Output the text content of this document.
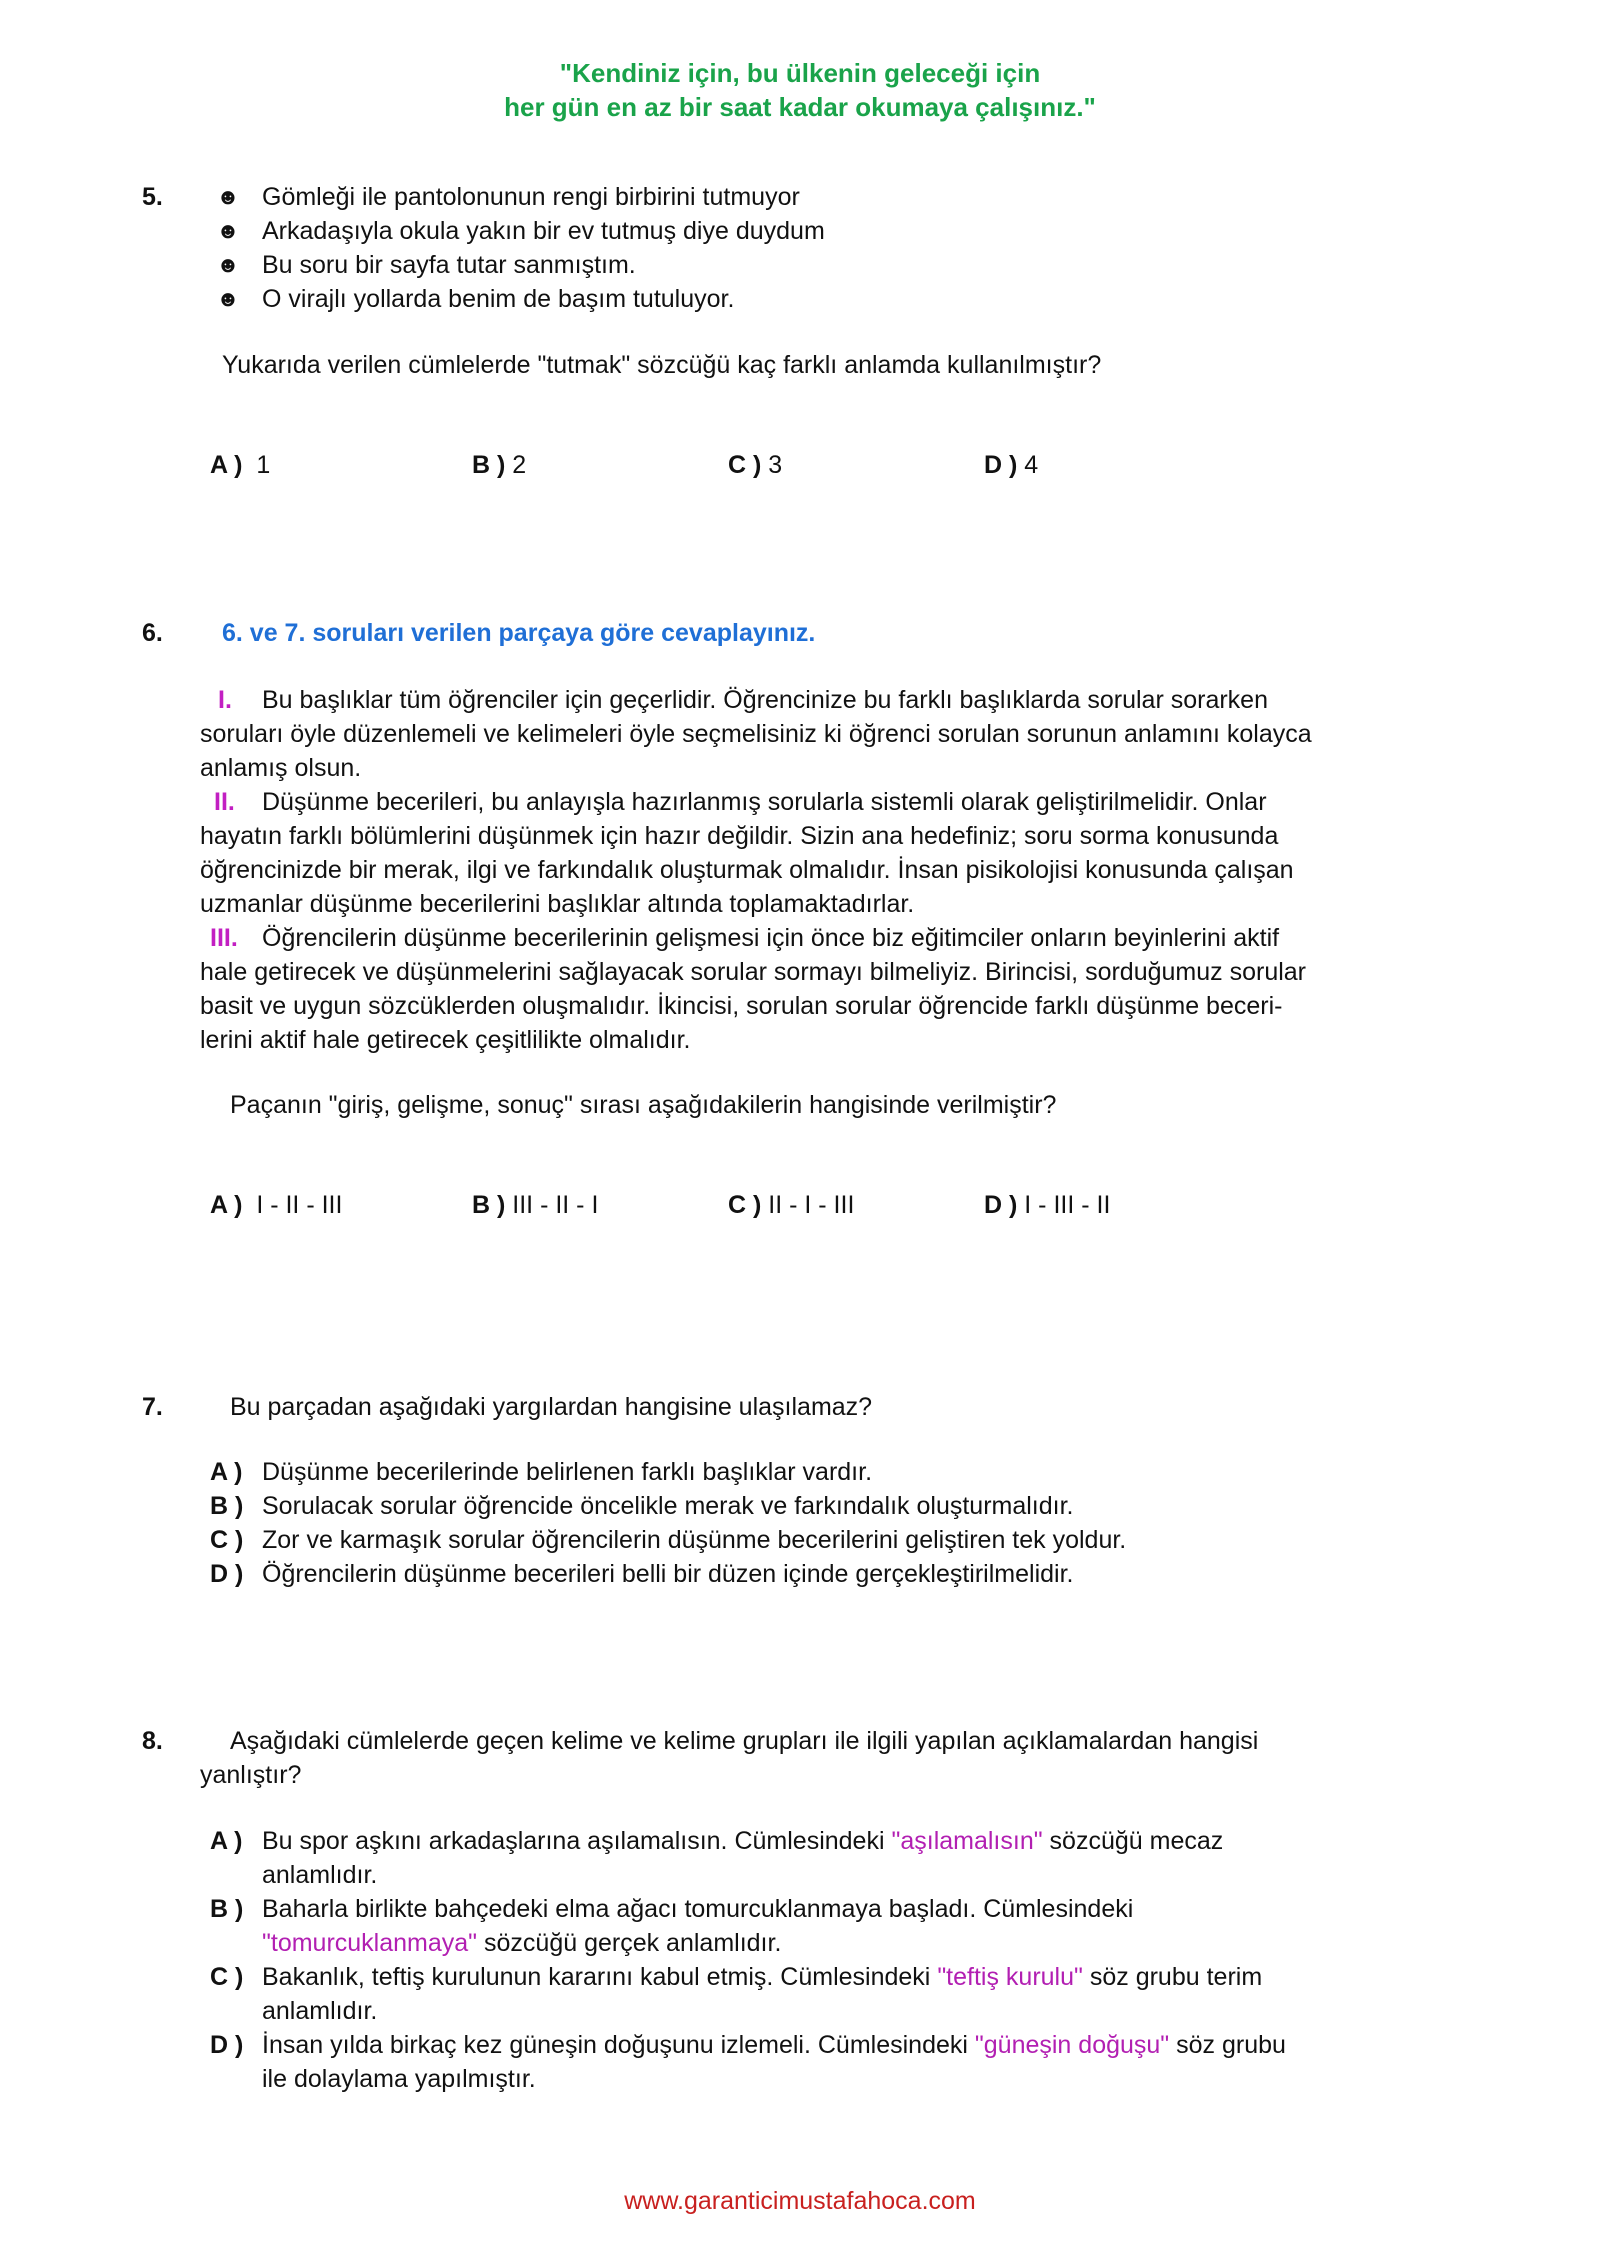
"Kendiniz için, bu ülkenin geleceği için
her gün en az bir saat kadar okumaya çalışınız."
5.	☻ Gömleği ile pantolonunun rengi birbirini tutmuyor
☻ Arkadaşıyla okula yakın bir ev tutmuş diye duydum
☻ Bu soru bir sayfa tutar sanmıştım.
☻ O virajlı yollarda benim de başım tutuluyor.
Yukarıda verilen cümlelerde "tutmak" sözcüğü kaç farklı anlamda kullanılmıştır?
A ) 1	B ) 2	C ) 3	D ) 4
6. 6. ve 7. soruları verilen parçaya göre cevaplayınız.
I. Bu başlıklar tüm öğrenciler için geçerlidir. Öğrencinize bu farklı başlıklarda sorular sorarken
soruları öyle düzenlemeli ve kelimeleri öyle seçmelisiniz ki öğrenci sorulan sorunun anlamını kolayca
anlamış olsun.
II. Düşünme becerileri, bu anlayışla hazırlanmış sorularla sistemli olarak geliştirilmelidir. Onlar
hayatın farklı bölümlerini düşünmek için hazır değildir. Sizin ana hedefiniz; soru sorma konusunda
öğrencinizde bir merak, ilgi ve farkındalık oluşturmak olmalıdır. İnsan pisikolojisi konusunda çalışan
uzmanlar düşünme becerilerini başlıklar altında toplamaktadırlar.
III. Öğrencilerin düşünme becerilerinin gelişmesi için önce biz eğitimciler onların beyinlerini aktif
hale getirecek ve düşünmelerini sağlayacak sorular sormayı bilmeliyiz. Birincisi, sorduğumuz sorular
basit ve uygun sözcüklerden oluşmalıdır. İkincisi, sorulan sorular öğrencide farklı düşünme beceri-
lerini aktif hale getirecek çeşitlilikte olmalıdır.
Paçanın "giriş, gelişme, sonuç" sırası aşağıdakilerin hangisinde verilmiştir?
A ) I - II - III	B ) III - II - I	C ) II - I - III	D ) I - III - II
7.	Bu parçadan aşağıdaki yargılardan hangisine ulaşılamaz?
A ) Düşünme becerilerinde belirlenen farklı başlıklar vardır.
B ) Sorulacak sorular öğrencide öncelikle merak ve farkındalık oluşturmalıdır.
C ) Zor ve karmaşık sorular öğrencilerin düşünme becerilerini geliştiren tek yoldur.
D ) Öğrencilerin düşünme becerileri belli bir düzen içinde gerçekleştirilmelidir.
8.	Aşağıdaki cümlelerde geçen kelime ve kelime grupları ile ilgili yapılan açıklamalardan hangisi
yanlıştır?
A ) Bu spor aşkını arkadaşlarına aşılamalısın. Cümlesindeki "aşılamalısın" sözcüğü mecaz
anlamlıdır.
B ) Baharla birlikte bahçedeki elma ağacı tomurcuklanmaya başladı. Cümlesindeki
"tomurcuklanmaya" sözcüğü gerçek anlamlıdır.
C ) Bakanlık, teftiş kurulunun kararını kabul etmiş. Cümlesindeki "teftiş kurulu" söz grubu terim
anlamlıdır.
D ) İnsan yılda birkaç kez güneşin doğuşunu izlemeli. Cümlesindeki "güneşin doğuşu" söz grubu
ile dolaylama yapılmıştır.
www.garanticimustafahoca.com
